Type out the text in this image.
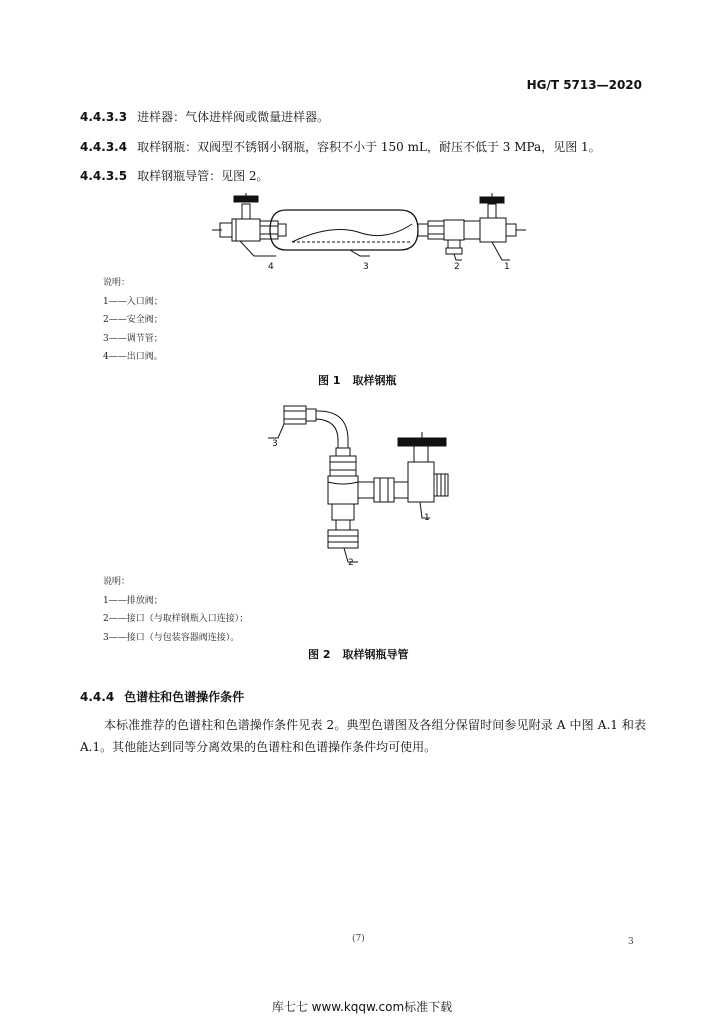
HG/T 5713—2020
4.4.3.3 进样器：气体进样阀或微量进样器。
4.4.3.4 取样钢瓶：双阀型不锈钢小钢瓶，容积不小于 150 mL，耐压不低于 3 MPa，见图 1。
4.4.3.5 取样钢瓶导管：见图 2。
4	3	2	1
说明：
1——入口阀；
2——安全阀；
3——调节管；
4——出口阀。
图 1 取样钢瓶
3
1
2
说明：
1——排放阀；
2——接口（与取样钢瓶入口连接）；
3——接口（与包装容器阀连接）。
图 2 取样钢瓶导管
4.4.4 色谱柱和色谱操作条件
本标准推荐的色谱柱和色谱操作条件见表 2。典型色谱图及各组分保留时间参见附录 A 中图 A.1 和表 A.1。其他能达到同等分离效果的色谱柱和色谱操作条件均可使用。
(7)	3
库七七 www.kqqw.com标准下载
